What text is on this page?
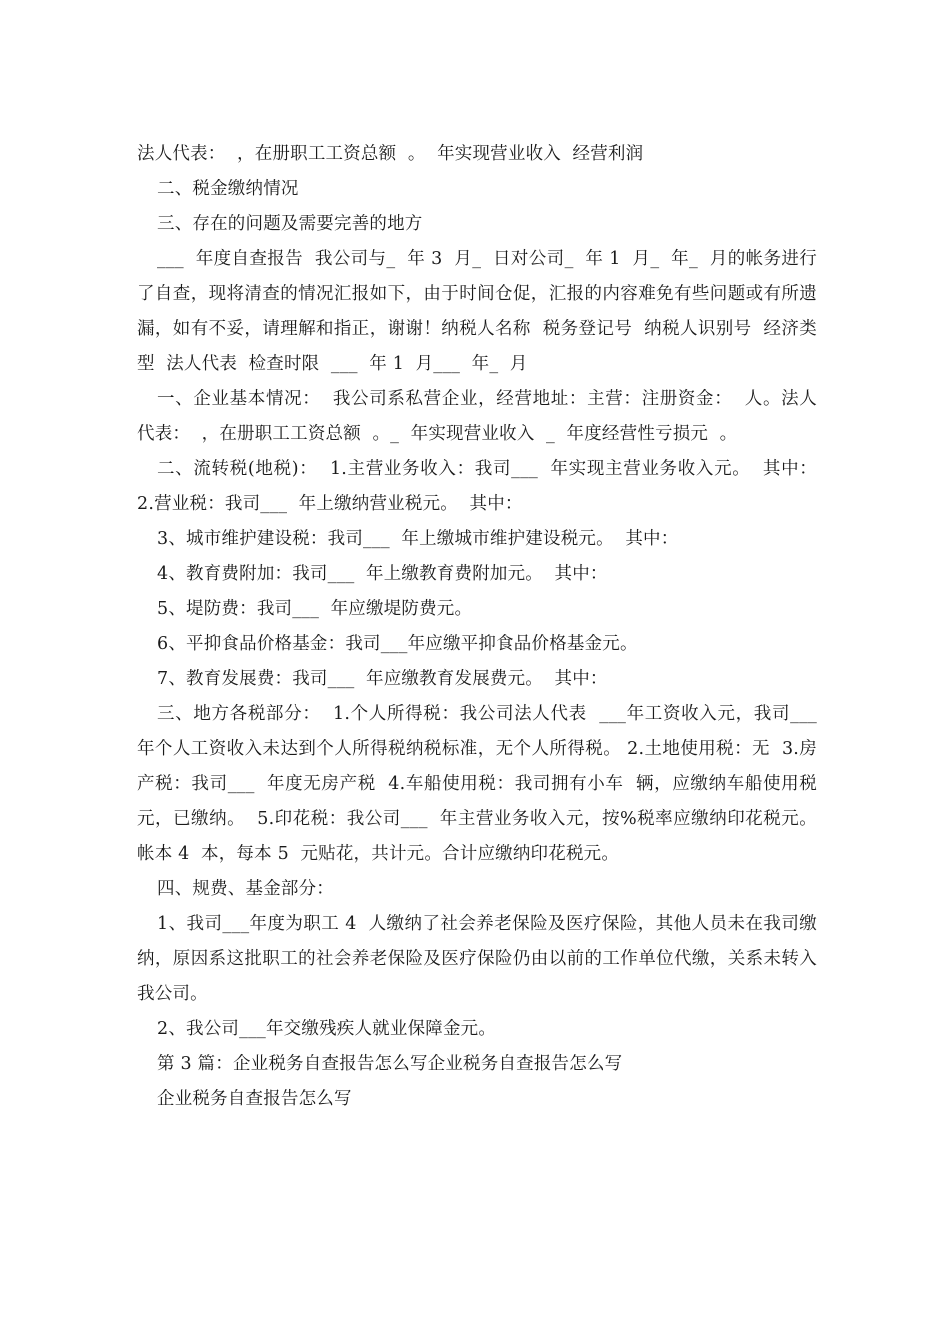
法人代表：  ，在册职工工资总额  。  年实现营业收入  经营利润

二、税金缴纳情况

三、存在的问题及需要完善的地方

___  年度自查报告  我公司与_  年 3  月_  日对公司_  年 1  月_  年_  月的帐务进行了自查，现将清查的情况汇报如下，由于时间仓促，汇报的内容难免有些问题或有所遗漏，如有不妥，请理解和指正，谢谢！纳税人名称  税务登记号  纳税人识别号  经济类型  法人代表  检查时限  ___  年 1  月___  年_  月

一、企业基本情况：  我公司系私营企业，经营地址：主营：注册资金：  人。法人代表：  ，在册职工工资总额  。_  年实现营业收入  _  年度经营性亏损元  。

二、流转税(地税)：  1.主营业务收入：我司___  年实现主营业务收入元。  其中：  2.营业税：我司___  年上缴纳营业税元。  其中：

3、城市维护建设税：我司___  年上缴城市维护建设税元。  其中：

4、教育费附加：我司___  年上缴教育费附加元。  其中：

5、堤防费：我司___  年应缴堤防费元。

6、平抑食品价格基金：我司___年应缴平抑食品价格基金元。

7、教育发展费：我司___  年应缴教育发展费元。  其中：

三、地方各税部分：  1.个人所得税：我公司法人代表  ___年工资收入元，我司___  年个人工资收入未达到个人所得税纳税标准，无个人所得税。 2.土地使用税：无  3.房产税：我司___  年度无房产税  4.车船使用税：我司拥有小车  辆，应缴纳车船使用税  元，已缴纳。  5.印花税：我公司___  年主营业务收入元，按%税率应缴纳印花税元。帐本 4  本，每本 5  元贴花，共计元。合计应缴纳印花税元。

四、规费、基金部分：

1、我司___年度为职工 4  人缴纳了社会养老保险及医疗保险，其他人员未在我司缴纳，原因系这批职工的社会养老保险及医疗保险仍由以前的工作单位代缴，关系未转入我公司。

2、我公司___年交缴残疾人就业保障金元。

第 3 篇：企业税务自查报告怎么写企业税务自查报告怎么写

企业税务自查报告怎么写
